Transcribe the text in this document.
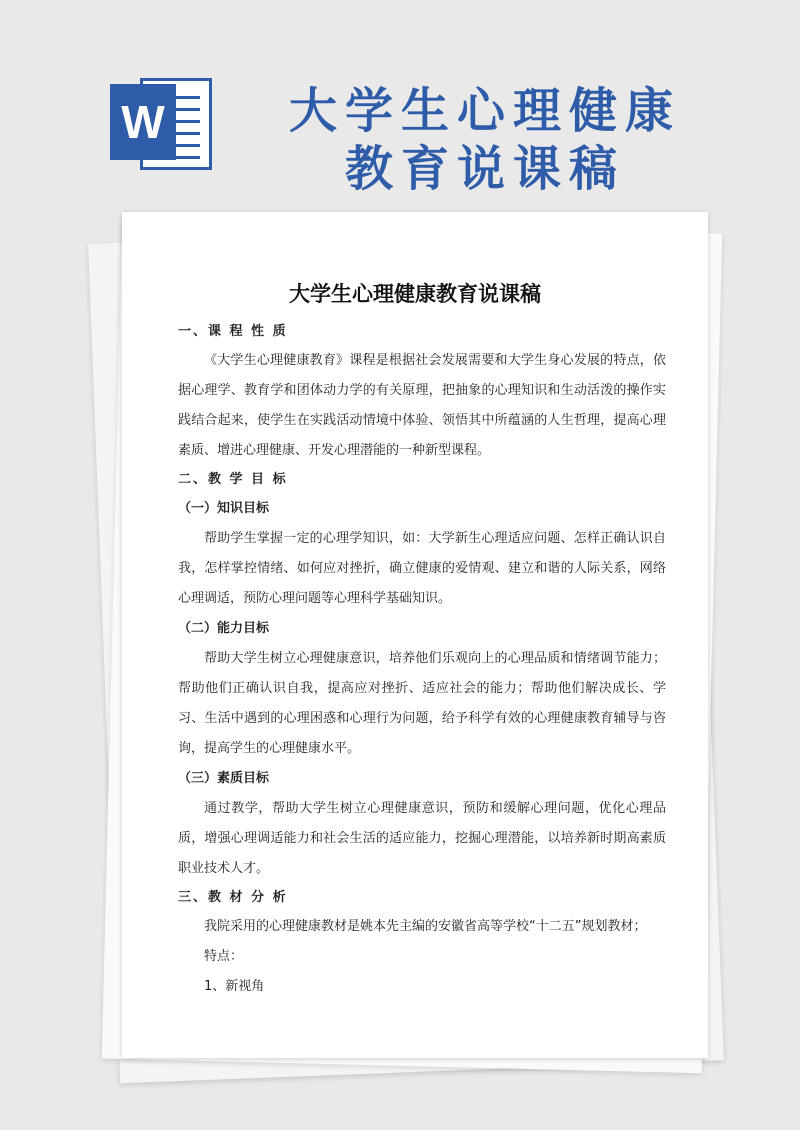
W	大学生心理健康
教育说课稿
大学生心理健康教育说课稿

一、课 程 性 质

《大学生心理健康教育》课程是根据社会发展需要和大学生身心发展的特点，依据心理学、教育学和团体动力学的有关原理，把抽象的心理知识和生动活泼的操作实践结合起来，使学生在实践活动情境中体验、领悟其中所蕴涵的人生哲理，提高心理素质、增进心理健康、开发心理潜能的一种新型课程。

二、教 学 目 标

（一）知识目标

帮助学生掌握一定的心理学知识，如：大学新生心理适应问题、怎样正确认识自我，怎样掌控情绪、如何应对挫折，确立健康的爱情观、建立和谐的人际关系，网络心理调适，预防心理问题等心理科学基础知识。

（二）能力目标

帮助大学生树立心理健康意识，培养他们乐观向上的心理品质和情绪调节能力；帮助他们正确认识自我，提高应对挫折、适应社会的能力；帮助他们解决成长、学习、生活中遇到的心理困惑和心理行为问题，给予科学有效的心理健康教育辅导与咨询，提高学生的心理健康水平。

（三）素质目标

通过教学，帮助大学生树立心理健康意识，预防和缓解心理问题，优化心理品质，增强心理调适能力和社会生活的适应能力，挖掘心理潜能，以培养新时期高素质职业技术人才。

三、教 材 分 析

我院采用的心理健康教材是姚本先主编的安徽省高等学校“十二五”规划教材；

特点：

1、新视角
